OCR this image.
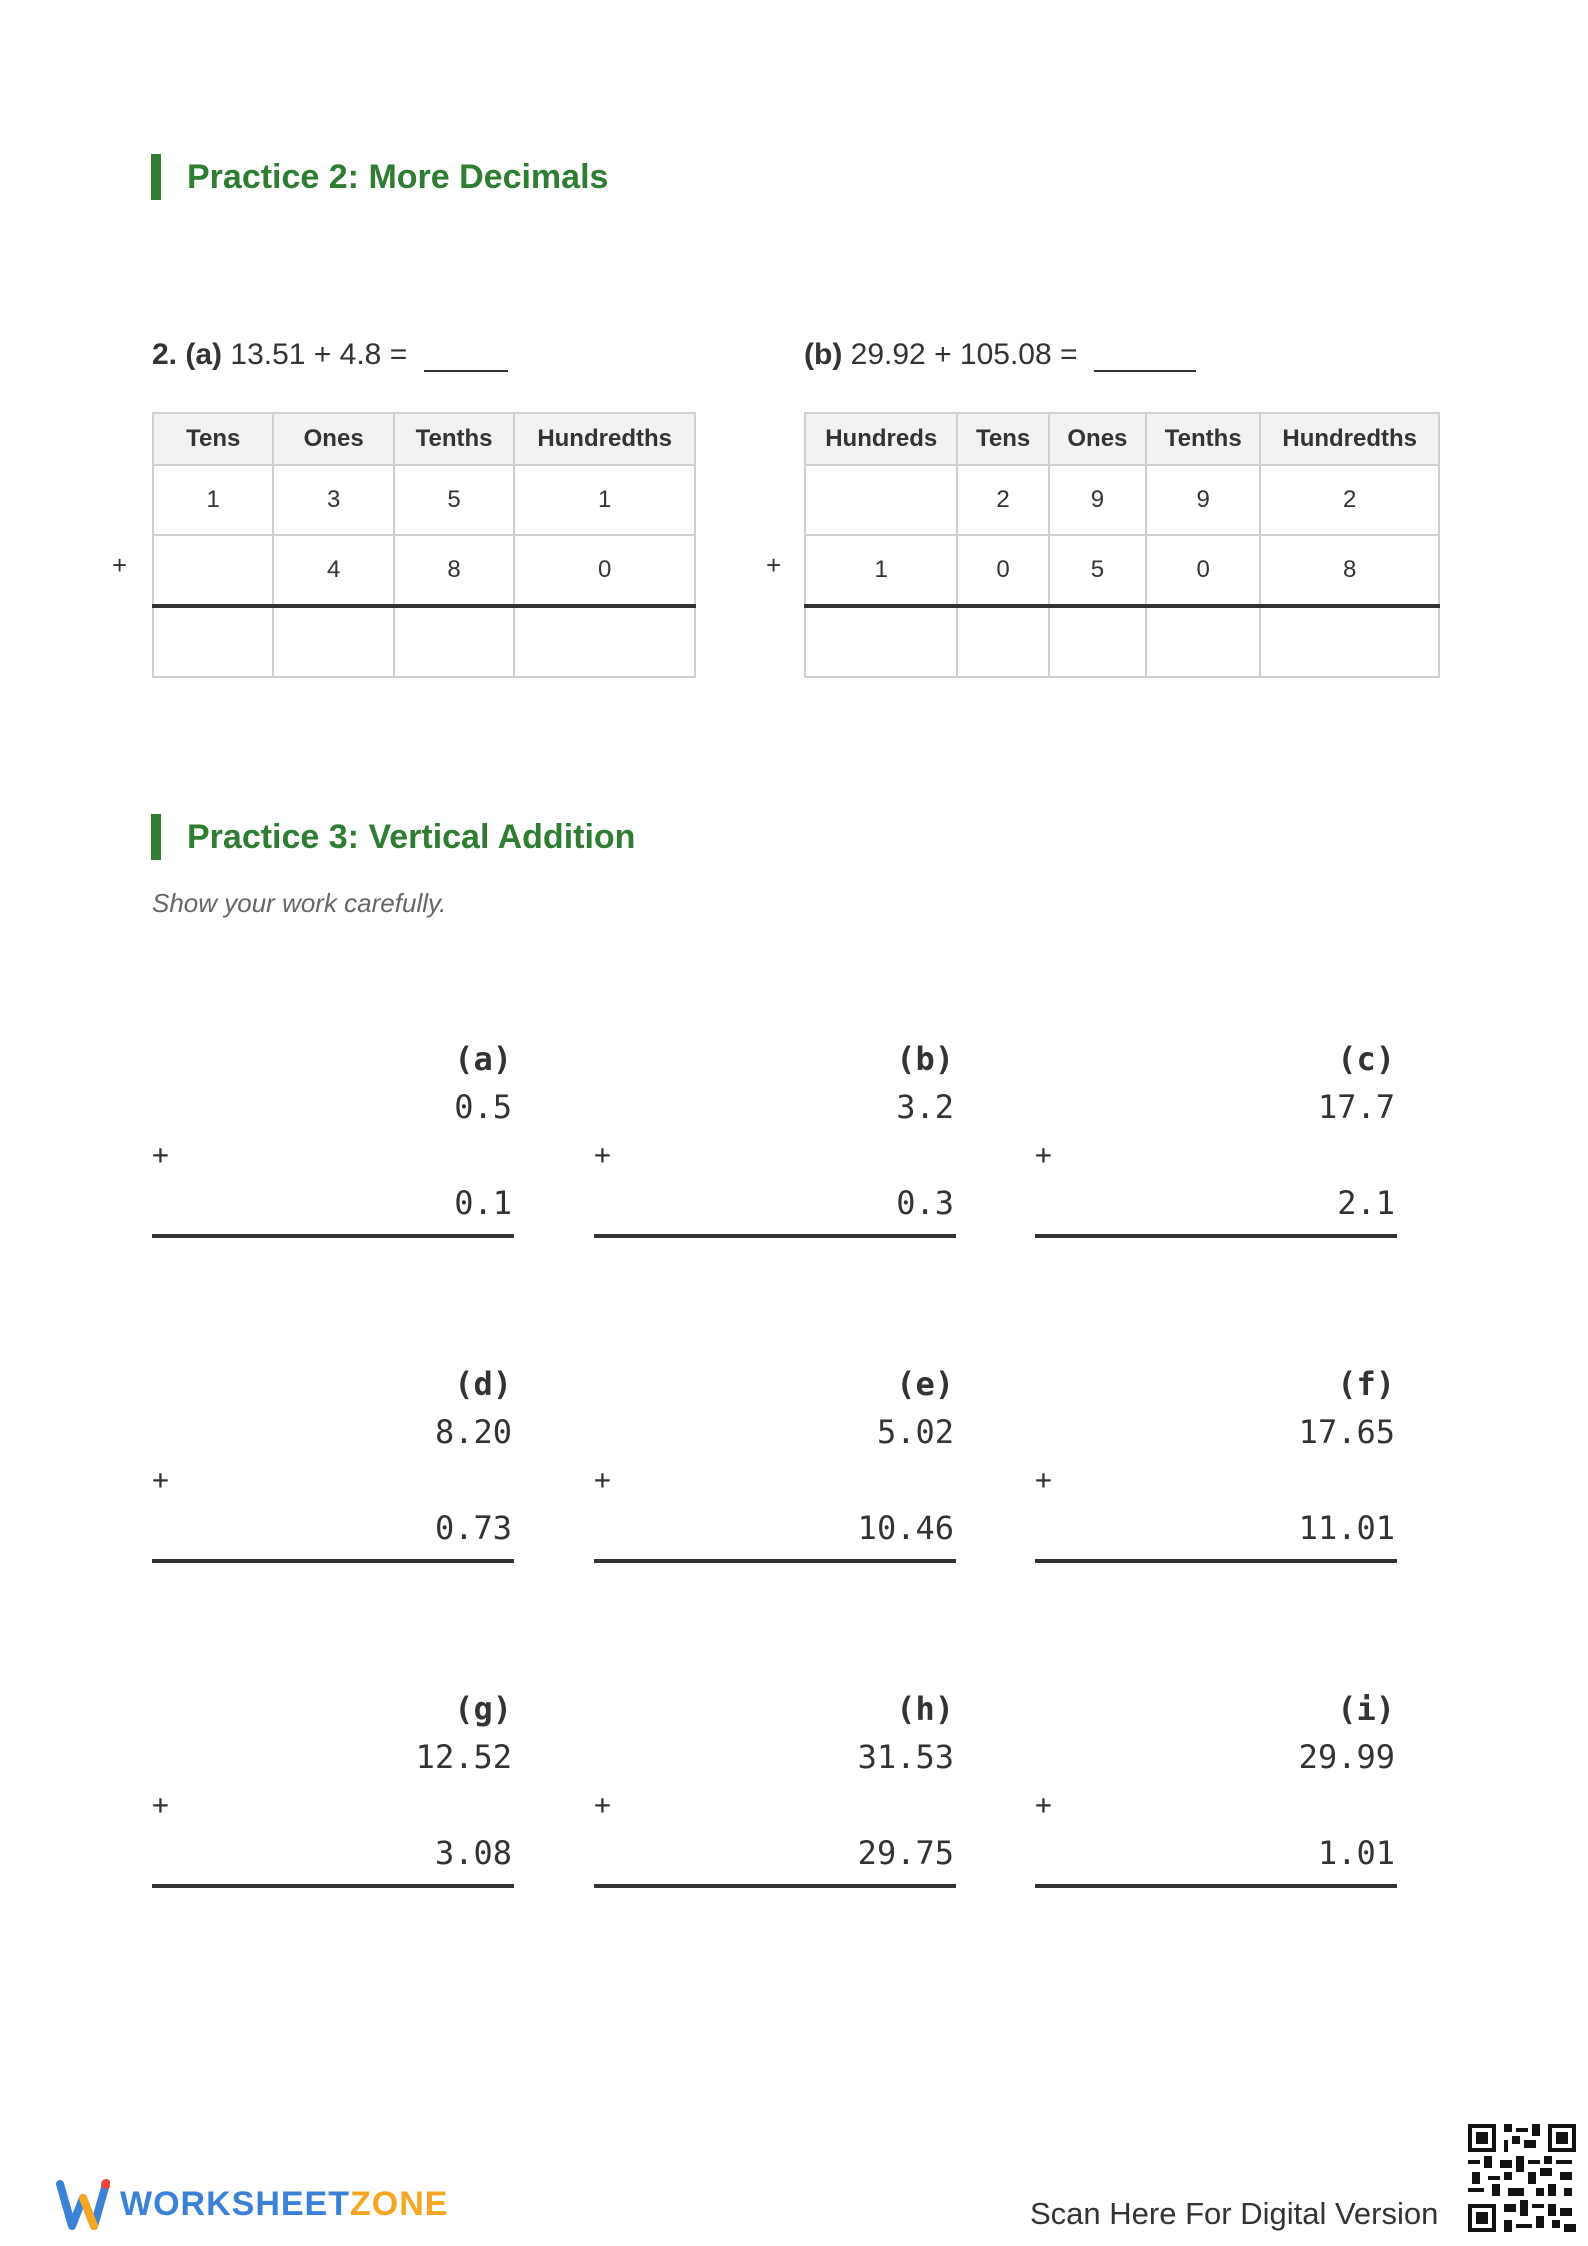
Practice 2: More Decimals
2. (a) 13.51 + 4.8 =	(b) 29.92 + 105.08 =
Tens	Ones	Tenths	Hundredths
1	3	5	1
	4	8	0

+
Hundreds	Tens	Ones	Tenths	Hundredths
	2	9	9	2
1	0	5	0	8

+
Practice 3: Vertical Addition
Show your work carefully.
(a)
0.5
+
0.1
(b)
3.2
+
0.3
(c)
17.7
+
2.1
(d)
8.20
+
0.73
(e)
5.02
+
10.46
(f)
17.65
+
11.01
(g)
12.52
+
3.08
(h)
31.53
+
29.75
(i)
29.99
+
1.01
WORKSHEETZONE	Scan Here For Digital Version
